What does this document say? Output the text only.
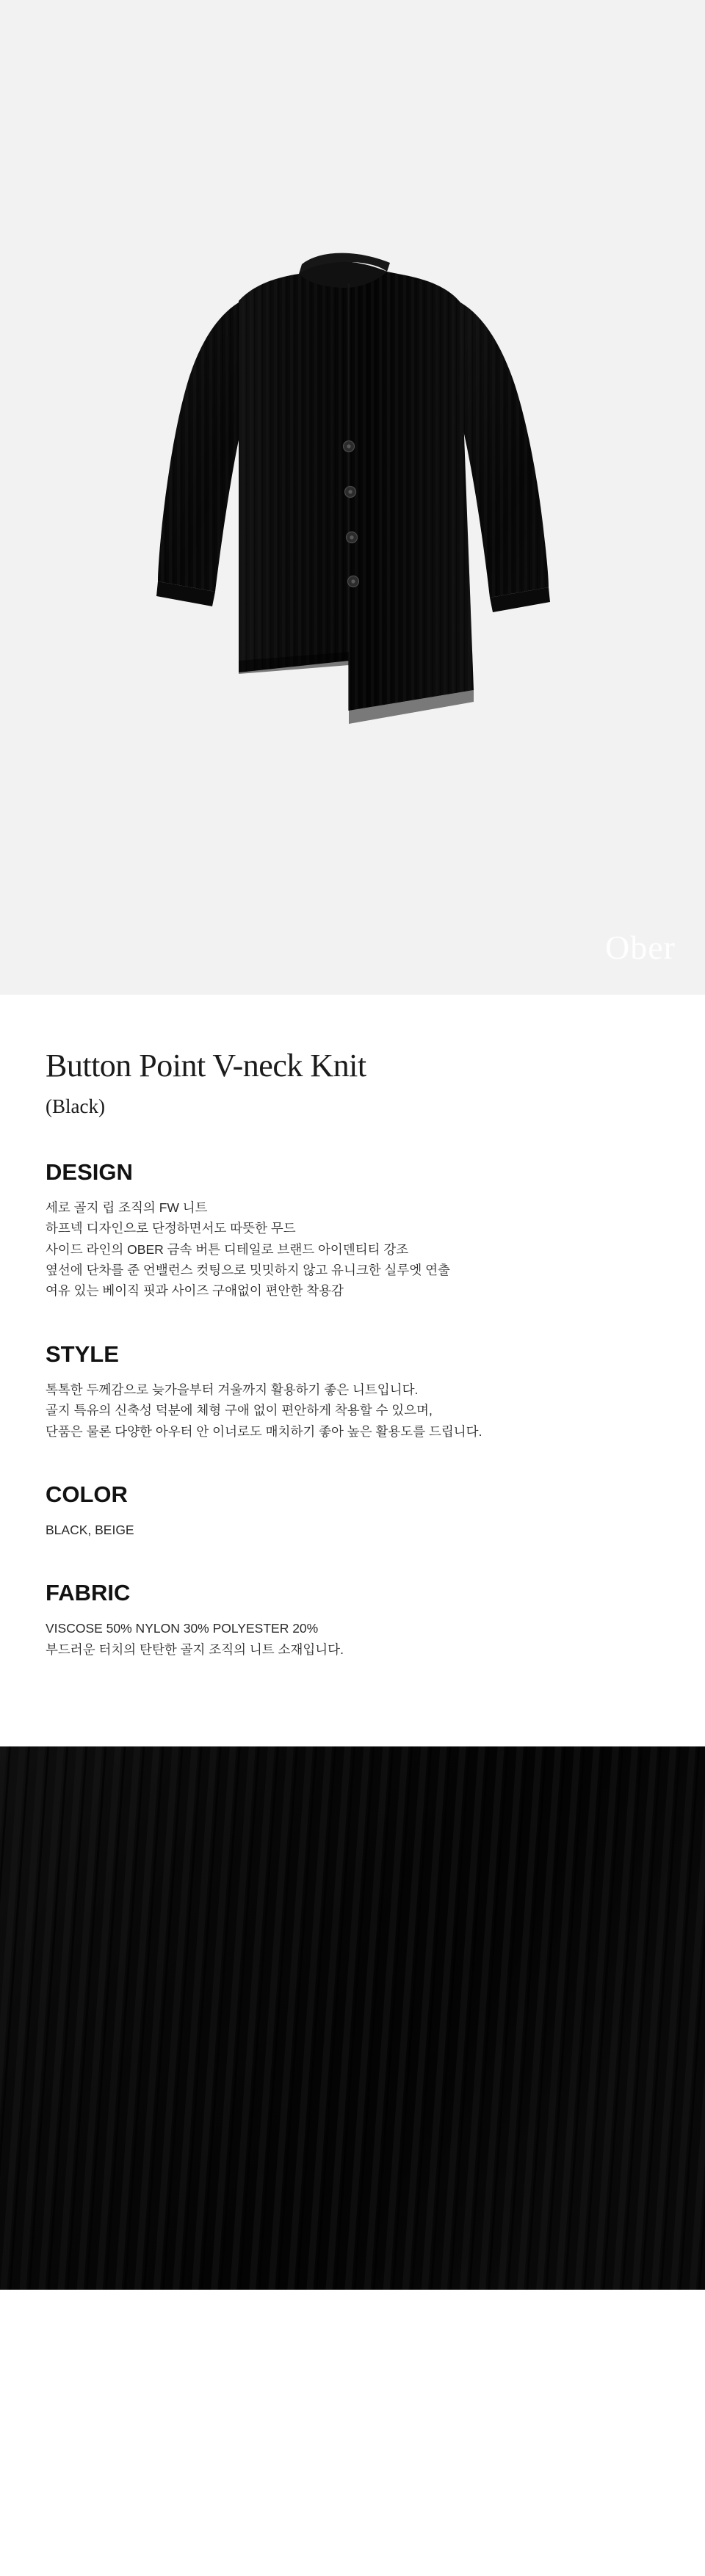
Ober
Button Point V-neck Knit
(Black)
DESIGN
세로 골지 립 조직의 FW 니트
하프넥 디자인으로 단정하면서도 따뜻한 무드
사이드 라인의 OBER 금속 버튼 디테일로 브랜드 아이덴티티 강조
옆선에 단차를 준 언밸런스 컷팅으로 밋밋하지 않고 유니크한 실루엣 연출
여유 있는 베이직 핏과 사이즈 구애없이 편안한 착용감
STYLE
톡톡한 두께감으로 늦가을부터 겨울까지 활용하기 좋은 니트입니다.
골지 특유의 신축성 덕분에 체형 구애 없이 편안하게 착용할 수 있으며,
단품은 물론 다양한 아우터 안 이너로도 매치하기 좋아 높은 활용도를 드립니다.
COLOR
BLACK, BEIGE
FABRIC
VISCOSE 50% NYLON 30% POLYESTER 20%
부드러운 터치의 탄탄한 골지 조직의 니트 소재입니다.
